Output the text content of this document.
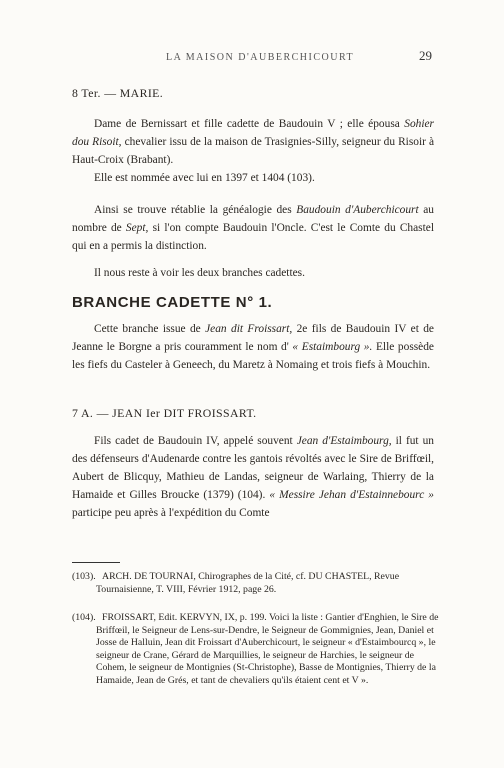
LA MAISON D'AUBERCHICOURT	29
8 Ter. — MARIE.
Dame de Bernissart et fille cadette de Baudouin V ; elle épousa Sohier dou Risoit, chevalier issu de la maison de Trasignies-Silly, seigneur du Risoir à Haut-Croix (Brabant).
Elle est nommée avec lui en 1397 et 1404 (103).
Ainsi se trouve rétablie la généalogie des Baudouin d'Auberchicourt au nombre de Sept, si l'on compte Baudouin l'Oncle. C'est le Comte du Chastel qui en a permis la distinction.
Il nous reste à voir les deux branches cadettes.
BRANCHE CADETTE N° 1.
Cette branche issue de Jean dit Froissart, 2e fils de Baudouin IV et de Jeanne le Borgne a pris couramment le nom d' « Estaimbourg ». Elle possède les fiefs du Casteler à Geneech, du Maretz à Nomaing et trois fiefs à Mouchin.
7 A. — JEAN Ier DIT FROISSART.
Fils cadet de Baudouin IV, appelé souvent Jean d'Estaimbourg, il fut un des défenseurs d'Audenarde contre les gantois révoltés avec le Sire de Briffœil, Aubert de Blicquy, Mathieu de Landas, seigneur de Warlaing, Thierry de la Hamaide et Gilles Broucke (1379) (104). « Messire Jehan d'Estainnebourc » participe peu après à l'expédition du Comte
(103). ARCH. DE TOURNAI, Chirographes de la Cité, cf. DU CHASTEL, Revue Tournaisienne, T. VIII, Février 1912, page 26.
(104). FROISSART, Edit. KERVYN, IX, p. 199. Voici la liste : Gantier d'Enghien, le Sire de Briffœil, le Seigneur de Lens-sur-Dendre, le Seigneur de Gommignies, Jean, Daniel et Josse de Halluin, Jean dit Froissart d'Auberchicourt, le seigneur « d'Estaimbourcq », le seigneur de Crane, Gérard de Marquillies, le seigneur de Harchies, le seigneur de Cohem, le seigneur de Montignies (St-Christophe), Basse de Montignies, Thierry de la Hamaide, Jean de Grés, et tant de chevaliers qu'ils étaient cent et V ».
